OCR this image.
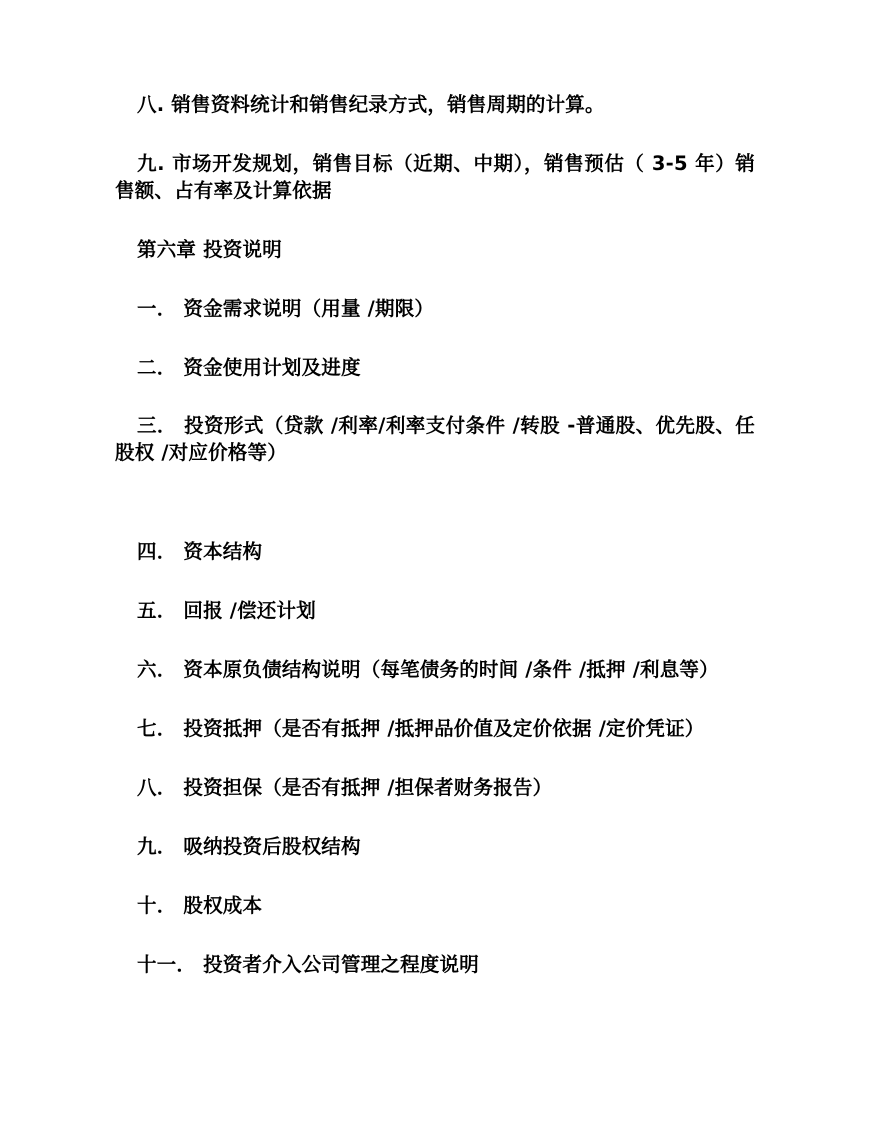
八. 销售资料统计和销售纪录方式，销售周期的计算。

九. 市场开发规划，销售目标（近期、中期），销售预估（ 3-5 年）销售额、占有率及计算依据

第六章 投资说明

一． 资金需求说明（用量 /期限）

二． 资金使用计划及进度

三． 投资形式（贷款 /利率/利率支付条件 /转股 -普通股、优先股、任股权 /对应价格等）

四． 资本结构

五． 回报 /偿还计划

六． 资本原负债结构说明（每笔债务的时间 /条件 /抵押 /利息等）

七． 投资抵押（是否有抵押 /抵押品价值及定价依据 /定价凭证）

八． 投资担保（是否有抵押 /担保者财务报告）

九． 吸纳投资后股权结构

十． 股权成本

十一． 投资者介入公司管理之程度说明
